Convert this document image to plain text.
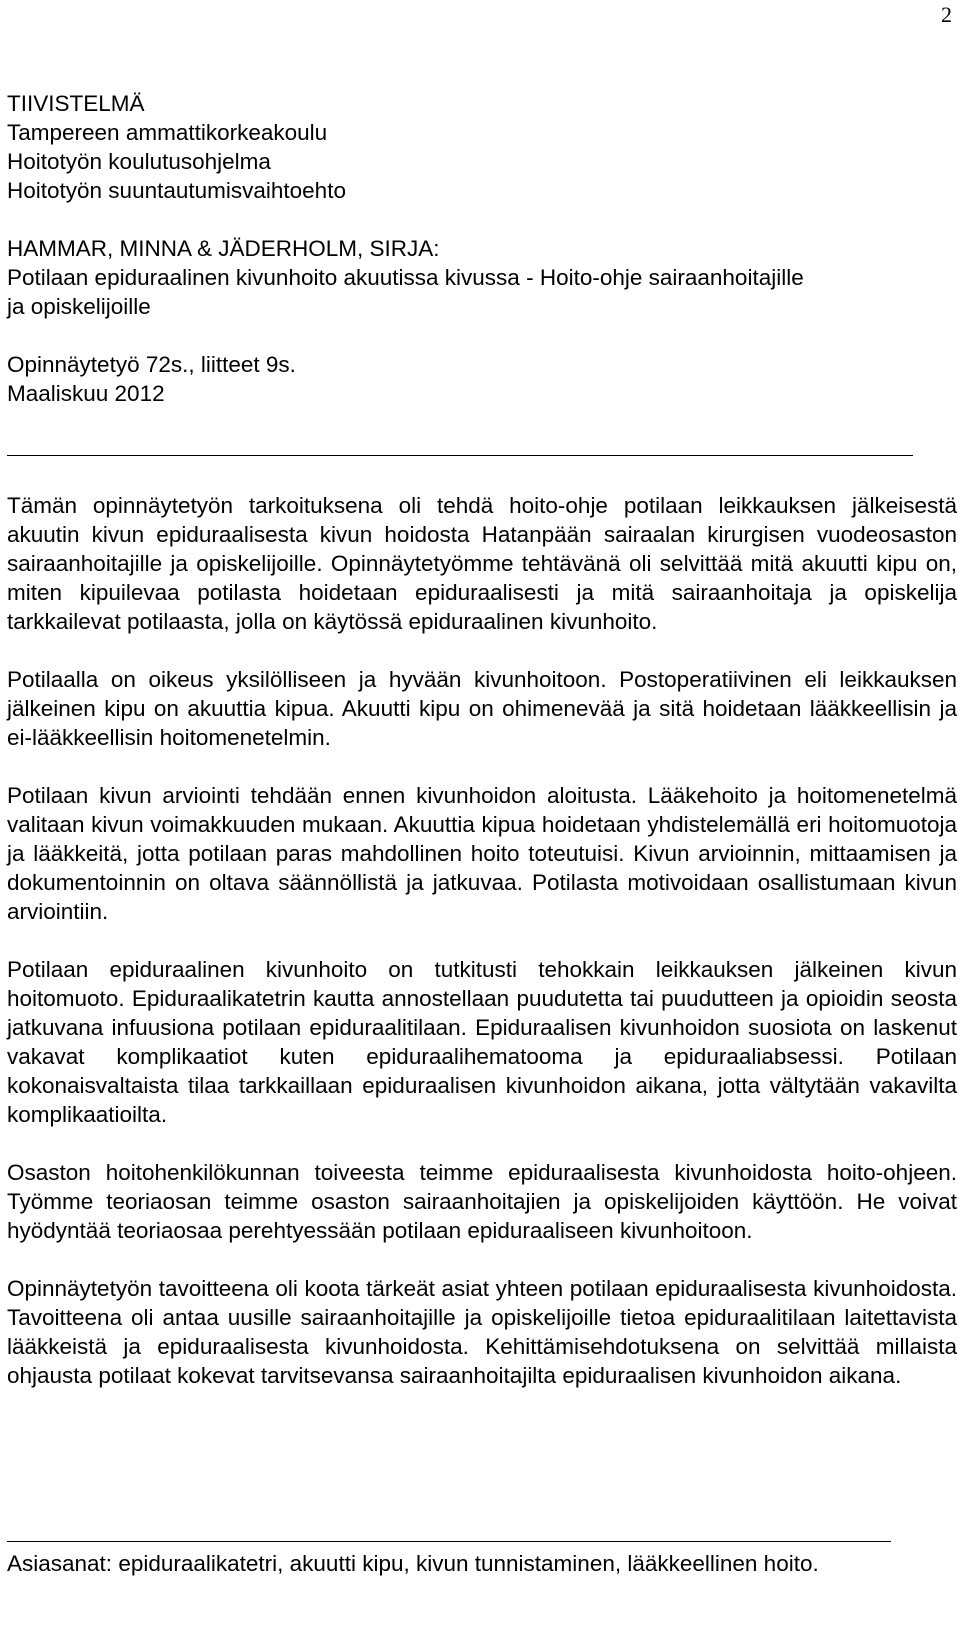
2
TIIVISTELMÄ
Tampereen ammattikorkeakoulu
Hoitotyön koulutusohjelma
Hoitotyön suuntautumisvaihtoehto
HAMMAR, MINNA & JÄDERHOLM, SIRJA:
Potilaan epiduraalinen kivunhoito akuutissa kivussa - Hoito-ohje sairaanhoitajille
ja opiskelijoille
Opinnäytetyö 72s., liitteet 9s.
Maaliskuu 2012

Tämän opinnäytetyön tarkoituksena oli tehdä hoito-ohje potilaan leikkauksen jälkeisestä akuutin kivun epiduraalisesta kivun hoidosta Hatanpään sairaalan kirurgisen vuodeosaston sairaanhoitajille ja opiskelijoille. Opinnäytetyömme tehtävänä oli selvittää mitä akuutti kipu on, miten kipuilevaa potilasta hoidetaan epiduraalisesti ja mitä sairaanhoitaja ja opiskelija tarkkailevat potilaasta, jolla on käytössä epiduraalinen kivunhoito.

Potilaalla on oikeus yksilölliseen ja hyvään kivunhoitoon. Postoperatiivinen eli leikkauksen jälkeinen kipu on akuuttia kipua. Akuutti kipu on ohimenevää ja sitä hoidetaan lääkkeellisin ja ei-lääkkeellisin hoitomenetelmin.

Potilaan kivun arviointi tehdään ennen kivunhoidon aloitusta. Lääkehoito ja hoitomenetelmä valitaan kivun voimakkuuden mukaan. Akuuttia kipua hoidetaan yhdistelemällä eri hoitomuotoja ja lääkkeitä, jotta potilaan paras mahdollinen hoito toteutuisi. Kivun arvioinnin, mittaamisen ja dokumentoinnin on oltava säännöllistä ja jatkuvaa. Potilasta motivoidaan osallistumaan kivun arviointiin.

Potilaan epiduraalinen kivunhoito on tutkitusti tehokkain leikkauksen jälkeinen kivun hoitomuoto. Epiduraalikatetrin kautta annostellaan puudutetta tai puudutteen ja opioidin seosta jatkuvana infuusiona potilaan epiduraalitilaan. Epiduraalisen kivunhoidon suosiota on laskenut vakavat komplikaatiot kuten epiduraalihematooma ja epiduraaliabsessi. Potilaan kokonaisvaltaista tilaa tarkkaillaan epiduraalisen kivunhoidon aikana, jotta vältytään vakavilta komplikaatioilta.

Osaston hoitohenkilökunnan toiveesta teimme epiduraalisesta kivunhoidosta hoito-ohjeen. Työmme teoriaosan teimme osaston sairaanhoitajien ja opiskelijoiden käyttöön. He voivat hyödyntää teoriaosaa perehtyessään potilaan epiduraaliseen kivunhoitoon.

Opinnäytetyön tavoitteena oli koota tärkeät asiat yhteen potilaan epiduraalisesta kivunhoidosta. Tavoitteena oli antaa uusille sairaanhoitajille ja opiskelijoille tietoa epiduraalitilaan laitettavista lääkkeistä ja epiduraalisesta kivunhoidosta. Kehittämisehdotuksena on selvittää millaista ohjausta potilaat kokevat tarvitsevansa sairaanhoitajilta epiduraalisen kivunhoidon aikana.

Asiasanat: epiduraalikatetri, akuutti kipu, kivun tunnistaminen, lääkkeellinen hoito.
